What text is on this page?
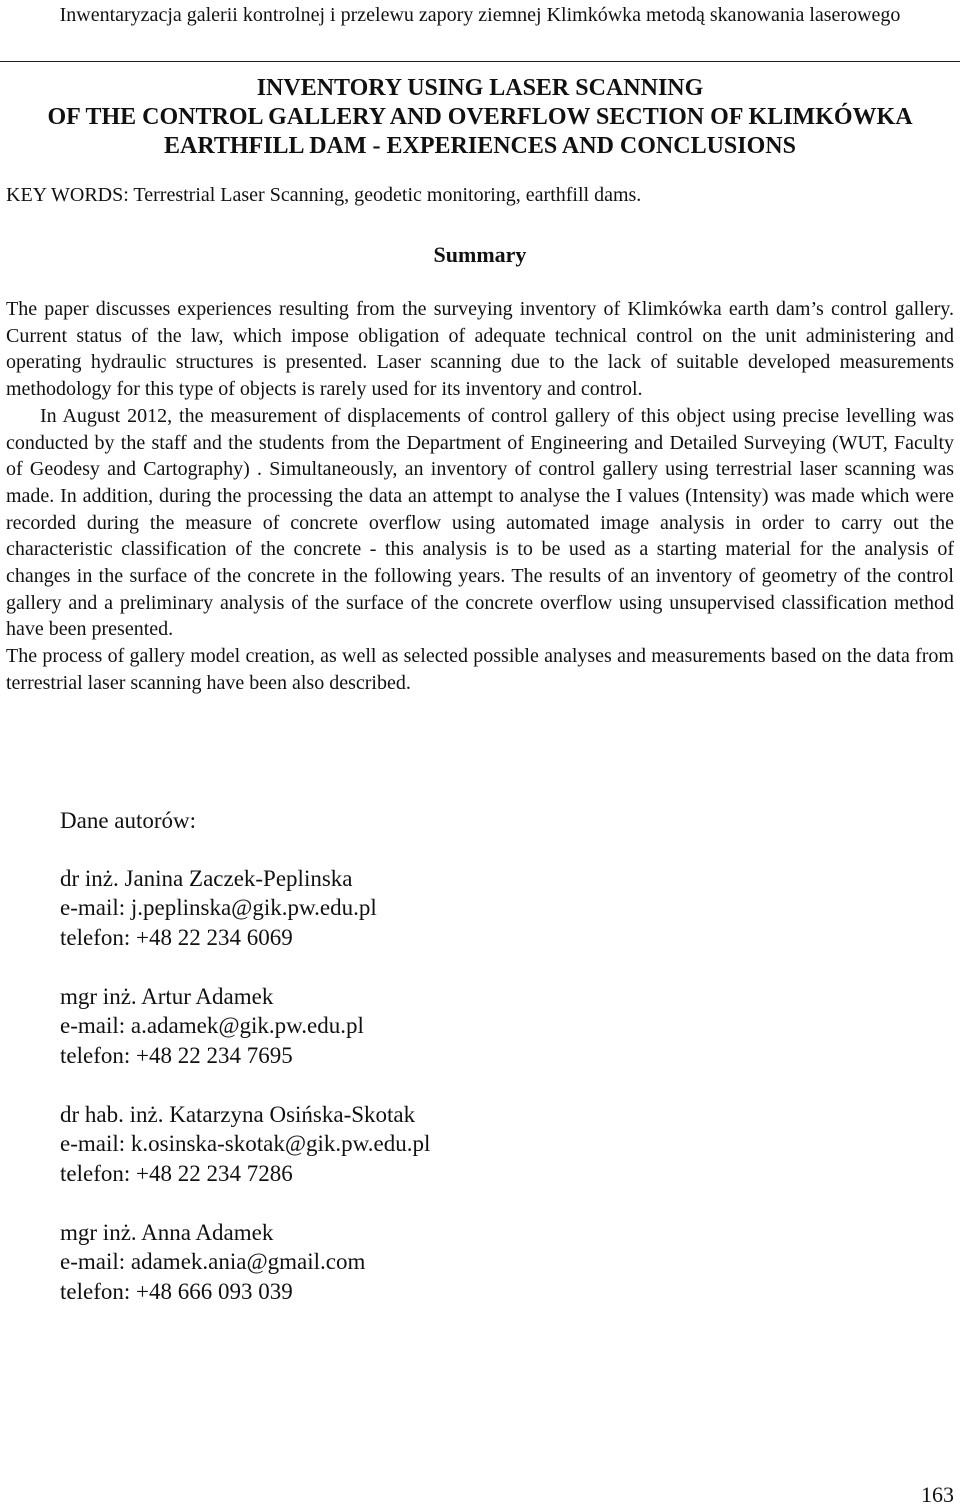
Inwentaryzacja galerii kontrolnej i przelewu zapory ziemnej Klimkówka metodą skanowania laserowego
INVENTORY USING LASER SCANNING
OF THE CONTROL GALLERY AND OVERFLOW SECTION OF KLIMKÓWKA
EARTHFILL DAM - EXPERIENCES AND CONCLUSIONS
KEY WORDS: Terrestrial Laser Scanning, geodetic monitoring, earthfill dams.
Summary

The paper discusses experiences resulting from the surveying inventory of Klimkówka earth dam’s control gallery. Current status of the law, which impose obligation of adequate technical control on the unit administering and operating hydraulic structures is presented. Laser scanning due to the lack of suitable developed measurements methodology for this type of objects is rarely used for its inventory and control.

In August 2012, the measurement of displacements of control gallery of this object using precise levelling was conducted by the staff and the students from the Department of Engineering and Detailed Surveying (WUT, Faculty of Geodesy and Cartography) . Simultaneously, an inventory of control gallery using terrestrial laser scanning was made. In addition, during the processing the data an attempt to analyse the I values (Intensity) was made which were recorded during the measure of concrete overflow using automated image analysis in order to carry out the characteristic classification of the concrete - this analysis is to be used as a starting material for the analysis of changes in the surface of the concrete in the following years. The results of an inventory of geometry of the control gallery and a preliminary analysis of the surface of the concrete overflow using unsupervised classification method have been presented.

The process of gallery model creation, as well as selected possible analyses and measurements based on the data from terrestrial laser scanning have been also described.

Dane autorów:
dr inż. Janina Zaczek-Peplinska
e-mail: j.peplinska@gik.pw.edu.pl
telefon: +48 22 234 6069
mgr inż. Artur Adamek
e-mail: a.adamek@gik.pw.edu.pl
telefon: +48 22 234 7695
dr hab. inż. Katarzyna Osińska-Skotak
e-mail: k.osinska-skotak@gik.pw.edu.pl
telefon: +48 22 234 7286
mgr inż. Anna Adamek
e-mail: adamek.ania@gmail.com
telefon: +48 666 093 039
163
